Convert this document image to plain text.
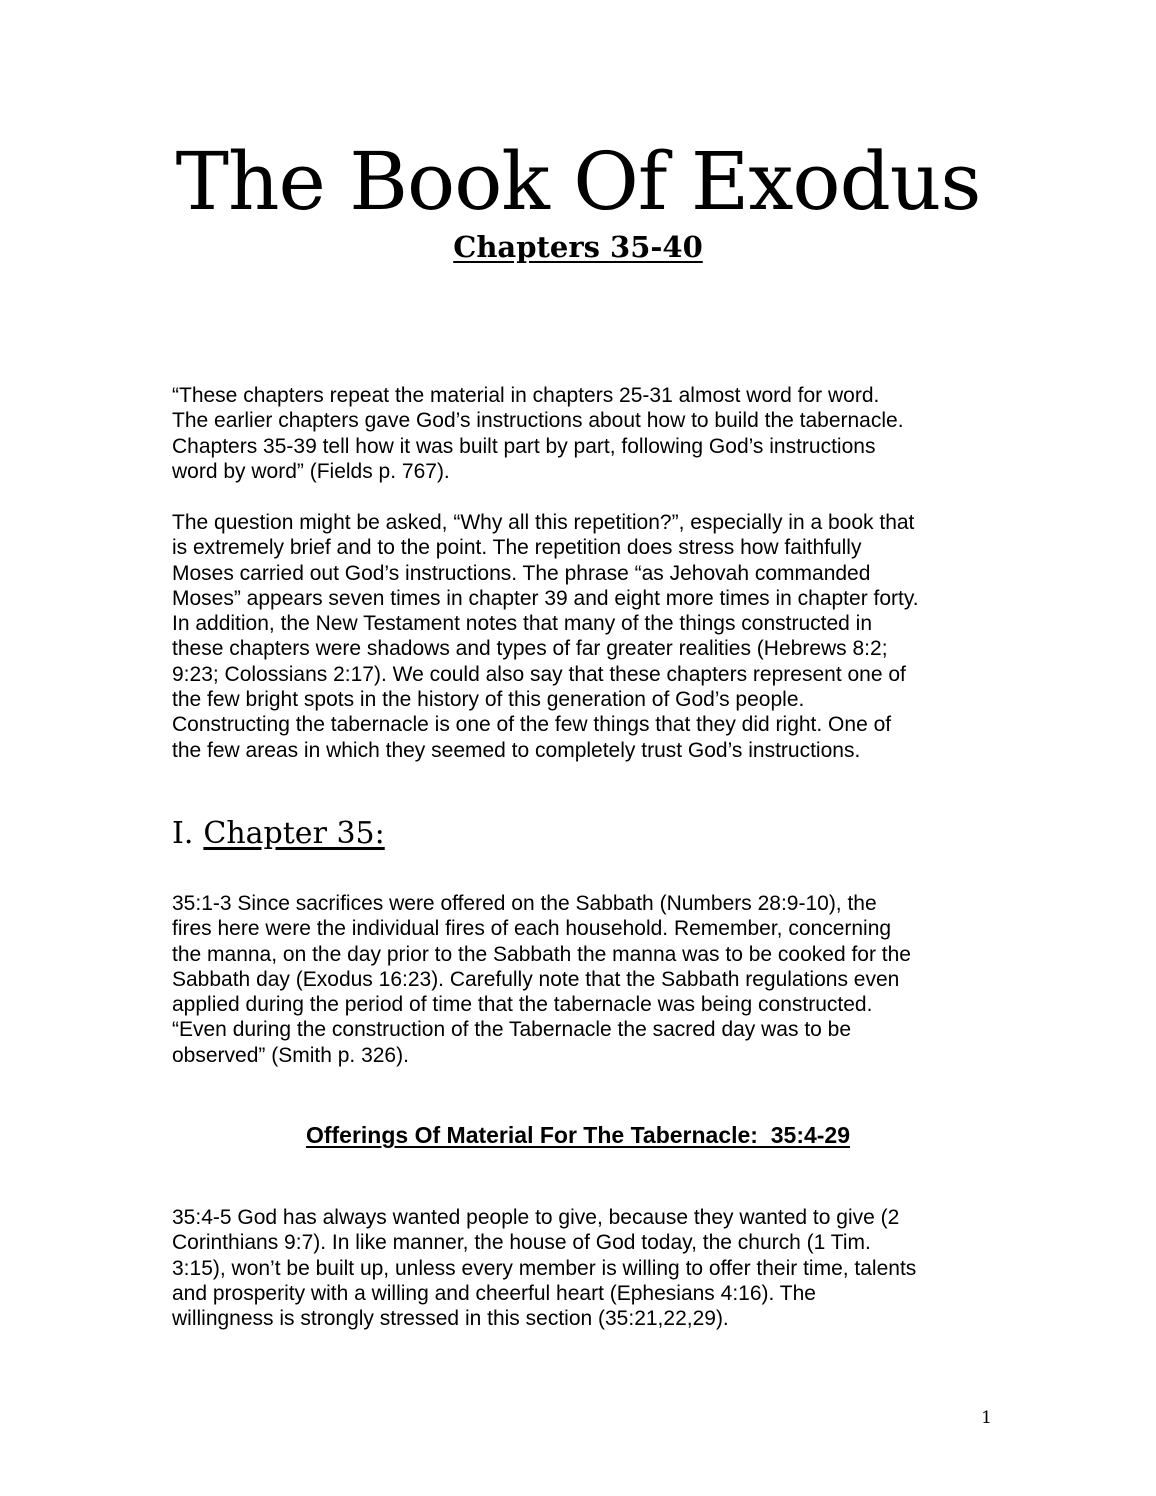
The Book Of Exodus
Chapters 35-40

“These chapters repeat the material in chapters 25-31 almost word for word.
The earlier chapters gave God’s instructions about how to build the tabernacle.
Chapters 35-39 tell how it was built part by part, following God’s instructions
word by word” (Fields p. 767).

The question might be asked, “Why all this repetition?”, especially in a book that
is extremely brief and to the point. The repetition does stress how faithfully
Moses carried out God’s instructions. The phrase “as Jehovah commanded
Moses” appears seven times in chapter 39 and eight more times in chapter forty.
In addition, the New Testament notes that many of the things constructed in
these chapters were shadows and types of far greater realities (Hebrews 8:2;
9:23; Colossians 2:17). We could also say that these chapters represent one of
the few bright spots in the history of this generation of God’s people.
Constructing the tabernacle is one of the few things that they did right. One of
the few areas in which they seemed to completely trust God’s instructions.

I. Chapter 35:

35:1-3 Since sacrifices were offered on the Sabbath (Numbers 28:9-10), the
fires here were the individual fires of each household. Remember, concerning
the manna, on the day prior to the Sabbath the manna was to be cooked for the
Sabbath day (Exodus 16:23). Carefully note that the Sabbath regulations even
applied during the period of time that the tabernacle was being constructed.
“Even during the construction of the Tabernacle the sacred day was to be
observed” (Smith p. 326).

Offerings Of Material For The Tabernacle:  35:4-29

35:4-5 God has always wanted people to give, because they wanted to give (2
Corinthians 9:7). In like manner, the house of God today, the church (1 Tim.
3:15), won’t be built up, unless every member is willing to offer their time, talents
and prosperity with a willing and cheerful heart (Ephesians 4:16). The
willingness is strongly stressed in this section (35:21,22,29).

1
